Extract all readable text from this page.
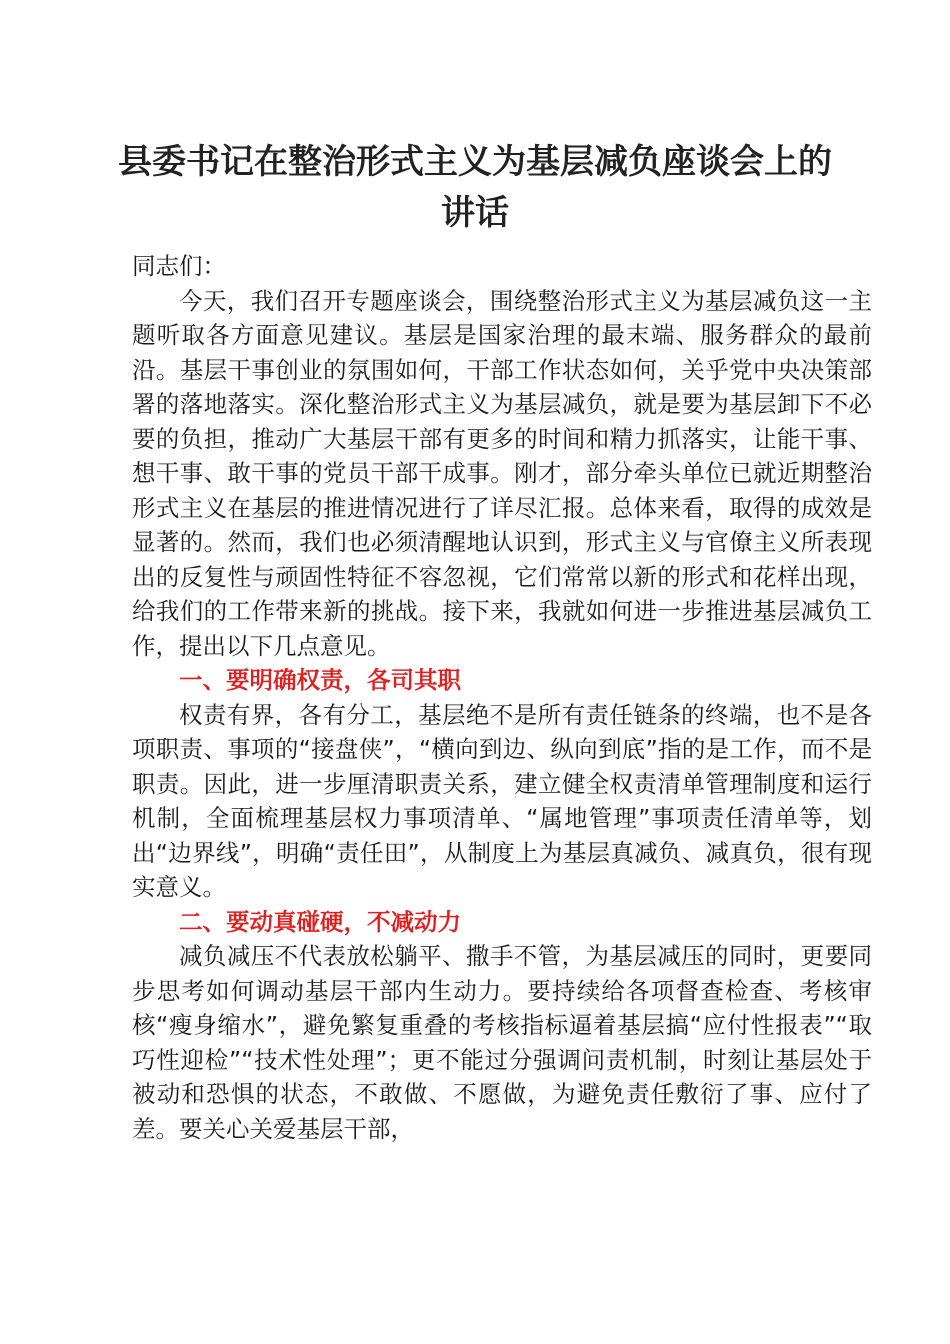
县委书记在整治形式主义为基层减负座谈会上的讲话

同志们：

今天，我们召开专题座谈会，围绕整治形式主义为基层减负这一主题听取各方面意见建议。基层是国家治理的最末端、服务群众的最前沿。基层干事创业的氛围如何，干部工作状态如何，关乎党中央决策部署的落地落实。深化整治形式主义为基层减负，就是要为基层卸下不必要的负担，推动广大基层干部有更多的时间和精力抓落实，让能干事、想干事、敢干事的党员干部干成事。刚才，部分牵头单位已就近期整治形式主义在基层的推进情况进行了详尽汇报。总体来看，取得的成效是显著的。然而，我们也必须清醒地认识到，形式主义与官僚主义所表现出的反复性与顽固性特征不容忽视，它们常常以新的形式和花样出现，给我们的工作带来新的挑战。接下来，我就如何进一步推进基层减负工作，提出以下几点意见。

一、要明确权责，各司其职

权责有界，各有分工，基层绝不是所有责任链条的终端，也不是各项职责、事项的“接盘侠”，“横向到边、纵向到底”指的是工作，而不是职责。因此，进一步厘清职责关系，建立健全权责清单管理制度和运行机制，全面梳理基层权力事项清单、“属地管理”事项责任清单等，划出“边界线”，明确“责任田”，从制度上为基层真减负、减真负，很有现实意义。

二、要动真碰硬，不减动力

减负减压不代表放松躺平、撒手不管，为基层减压的同时，更要同步思考如何调动基层干部内生动力。要持续给各项督查检查、考核审核“瘦身缩水”，避免繁复重叠的考核指标逼着基层搞“应付性报表”“取巧性迎检”“技术性处理”；更不能过分强调问责机制，时刻让基层处于被动和恐惧的状态，不敢做、不愿做，为避免责任敷衍了事、应付了差。要关心关爱基层干部，
